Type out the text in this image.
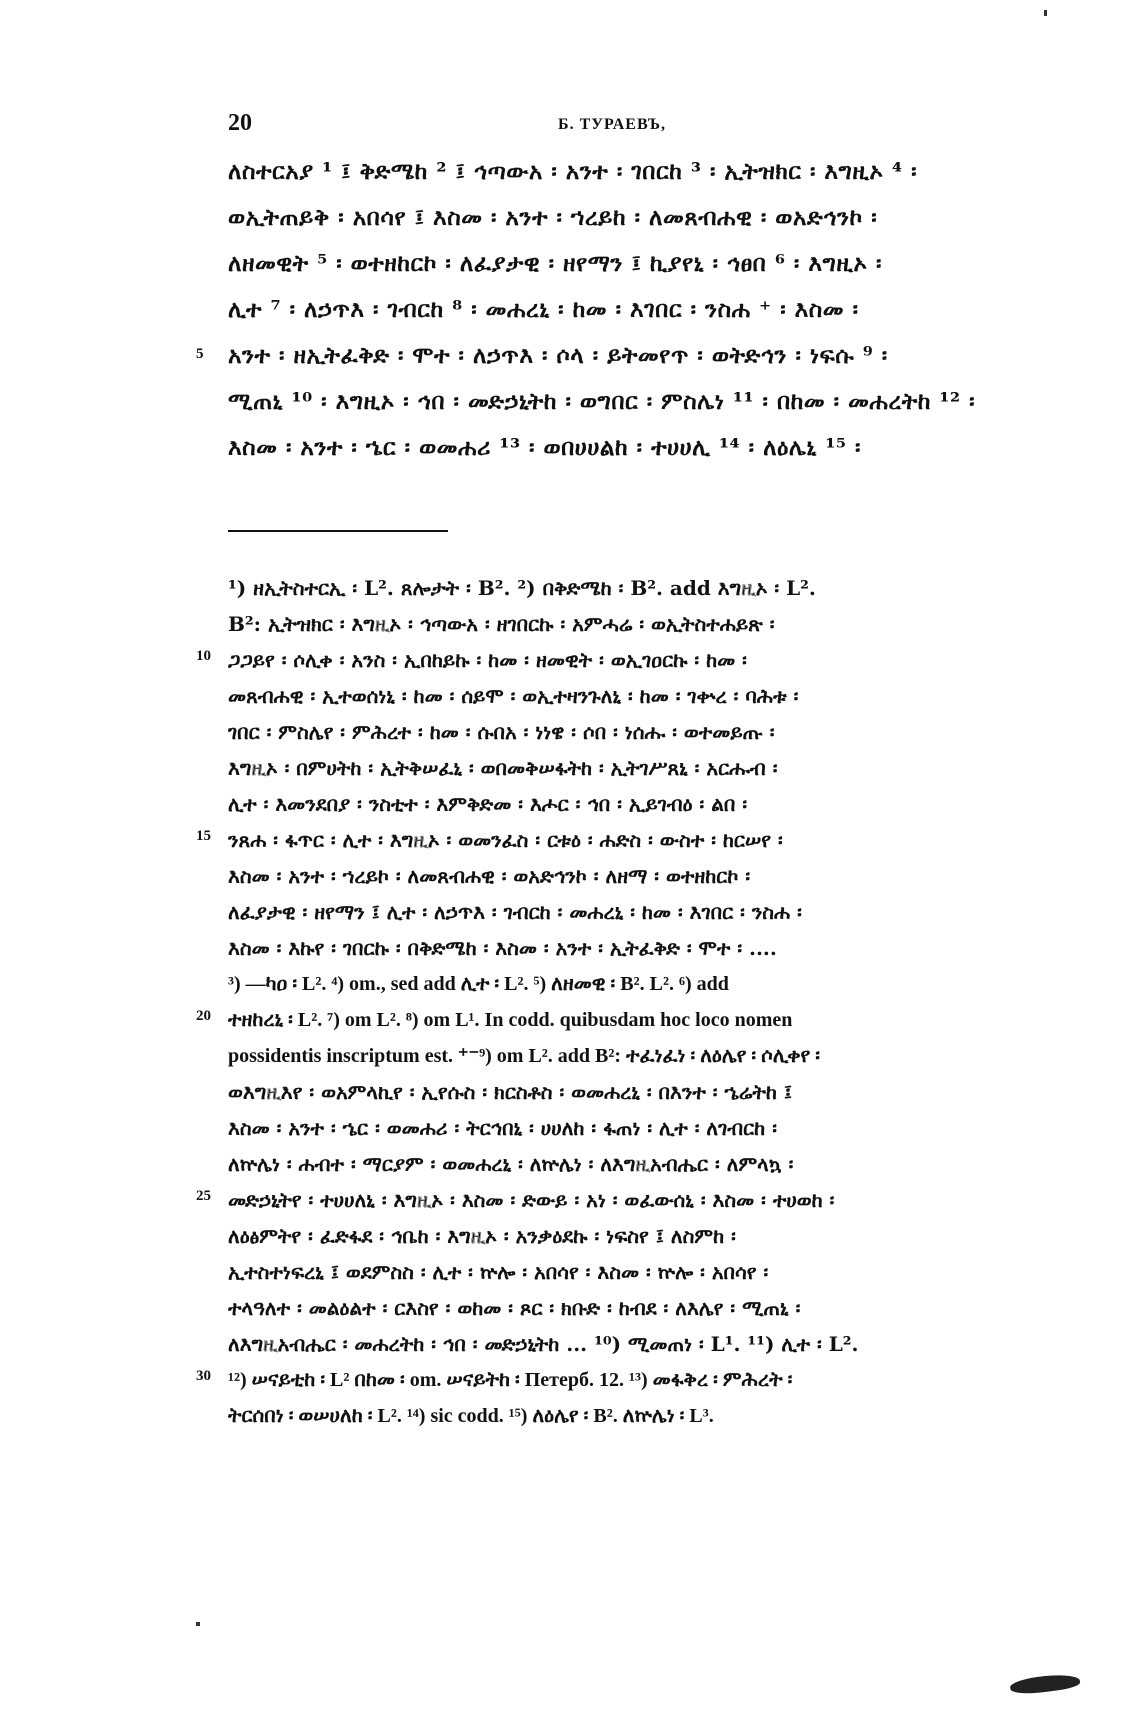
20	Б. ТУРАЕВЪ,
ለስተርአያ ¹ ፤ ቅድሜከ ² ፤ ኅጣውአ ፡ አንተ ፡ ገበርከ ³ ፡ ኢትዝክር ፡ እግዚኦ ⁴ ፡
ወኢትጠይቅ ፡ አበሳየ ፤ እስመ ፡ አንተ ፡ ኀረይከ ፡ ለመጸብሐዊ ፡ ወአድኅንኮ ፡
ለዘመዊት ⁵ ፡ ወተዘከርኮ ፡ ለፈያታዊ ፡ ዘየማን ፤ ኪያየኒ ፡ ኅፀበ ⁶ ፡ እግዚኦ ፡
ሊተ ⁷ ፡ ለኃጥእ ፡ ገብርከ ⁸ ፡ መሐረኒ ፡ ከመ ፡ እገበር ፡ ንስሐ ⁺ ፡ እስመ ፡
አንተ ፡ ዘኢትፈቅድ ፡ ሞተ ፡ ለኃጥእ ፡ ሶላ ፡ ይትመየጥ ፡ ወትድኅን ፡ ነፍሱ ⁹ ፡
ሚጠኒ ¹⁰ ፡ እግዚኦ ፡ ኅበ ፡ መድኃኒትከ ፡ ወግበር ፡ ምስሌነ ¹¹ ፡ በከመ ፡ መሐረትከ ¹² ፡
እስመ ፡ አንተ ፡ ኄር ፡ ወመሐሪ ¹³ ፡ ወበሀሀልከ ፡ ተሀሀሊ ¹⁴ ፡ ለዕሌኒ ¹⁵ ፡
5
¹) ዘኢትስተርኢ ፡ L². ጸሎታት ፡ B². ²) በቅድሜከ ፡ B². add እግዚኦ ፡ L².
B²: ኢትዝክር ፡ እግዚኦ ፡ ኅጣውአ ፡ ዘገበርኩ ፡ አምሓሬ ፡ ወኢትስተሐይጽ ፡
ጋጋይየ ፡ ሶሊቀ ፡ አንስ ፡ ኢበከይኩ ፡ ከመ ፡ ዘመዊት ፡ ወኢገዐርኩ ፡ ከመ ፡
መጸብሐዊ ፡ ኢተወሰነኒ ፡ ከመ ፡ ሰይሞ ፡ ወኢተዛንጉለኒ ፡ ከመ ፡ ገቍረ ፡ ባሕቱ ፡
ገበር ፡ ምስሌየ ፡ ምሕረተ ፡ ከመ ፡ ሱበአ ፡ ነነዌ ፡ ሶበ ፡ ነሰሑ ፡ ወተመይጡ ፡
እግዚኦ ፡ በምሀትከ ፡ ኢትቅሠፈኒ ፡ ወበመቅሠፋትከ ፡ ኢትገሥጸኒ ፡ አርሑብ ፡
ሊተ ፡ እመንደበያ ፡ ንስቲተ ፡ እምቅድመ ፡ እሖር ፡ ኅበ ፡ ኢይገብዕ ፡ ልበ ፡
ንጸሐ ፡ ፋጥር ፡ ሊተ ፡ እግዚኦ ፡ ወመንፈስ ፡ ርቱዕ ፡ ሐድስ ፡ ውስተ ፡ ከርሠየ ፡
እስመ ፡ አንተ ፡ ኀረይኮ ፡ ለመጸብሐዊ ፡ ወአድኅንኮ ፡ ለዘማ ፡ ወተዘከርኮ ፡
ለፈያታዊ ፡ ዘየማን ፤ ሊተ ፡ ለኃጥእ ፡ ገብርከ ፡ መሐረኒ ፡ ከመ ፡ እገበር ፡ ንስሐ ፡
እስመ ፡ እኩየ ፡ ገበርኩ ፡ በቅድሜከ ፡ እስመ ፡ አንተ ፡ ኢትፈቅድ ፡ ሞተ ፡ ....
³) —ካዐ ፡ L². ⁴) om., sed add ሊተ ፡ L². ⁵) ለዘመዊ ፡ B². L². ⁶) add
ተዘከረኒ ፡ L². ⁷) om L². ⁸) om L¹. In codd. quibusdam hoc loco nomen
possidentis inscriptum est. ⁺⁻⁹) om L². add B²: ተፈነፈነ ፡ ለዕሌየ ፡ ሶሊቀየ ፡
ወእግዚእየ ፡ ወአምላኪየ ፡ ኢየሱስ ፡ ክርስቶስ ፡ ወመሐረኒ ፡ በእንተ ፡ ኄሬትከ ፤
እስመ ፡ አንተ ፡ ኄር ፡ ወመሐሪ ፡ ትርኅበኒ ፡ ሀሀለከ ፡ ፋጠነ ፡ ሊተ ፡ ለገብርከ ፡
ለኵሌነ ፡ ሐብተ ፡ ማርያም ፡ ወመሐረኒ ፡ ለኵሌነ ፡ ለእግዚአብሔር ፡ ለምላኳ ፡
መድኃኒትየ ፡ ተሀሀለኒ ፡ እግዚኦ ፡ እስመ ፡ ድውይ ፡ አነ ፡ ወፈውሰኒ ፡ እስመ ፡ ተሀወከ ፡
ለዕፅምትየ ፡ ፈድፋደ ፡ ኅቤከ ፡ እግዚኦ ፡ አንቃዕደኩ ፡ ነፍስየ ፤ ለስምከ ፡
ኢተስተነፍረኒ ፤ ወደምስስ ፡ ሊተ ፡ ኵሎ ፡ አበሳየ ፡ እስመ ፡ ኵሎ ፡ አበሳየ ፡
ተላዓለተ ፡ መልዕልተ ፡ ርእስየ ፡ ወከመ ፡ ጾር ፡ ክቡድ ፡ ከብደ ፡ ለእሌየ ፡ ሚጠኒ ፡
ለእግዚአብሔር ፡ መሐረትከ ፡ ኅበ ፡ መድኃኒትከ ... ¹⁰) ሚመጠነ ፡ L¹. ¹¹) ሊተ ፡ L².
¹²) ሠናይቲከ ፡ L² በከመ ፡ om. ሠናይትከ ፡ Петерб. 12. ¹³) መፋቅረ ፡ ምሕረት ፡
ትርሰበነ ፡ ወሠሀለከ ፡ L². ¹⁴) sic codd. ¹⁵) ለዕሌየ ፡ B². ለኵሌነ ፡ L³.
10
15
20
25
30
